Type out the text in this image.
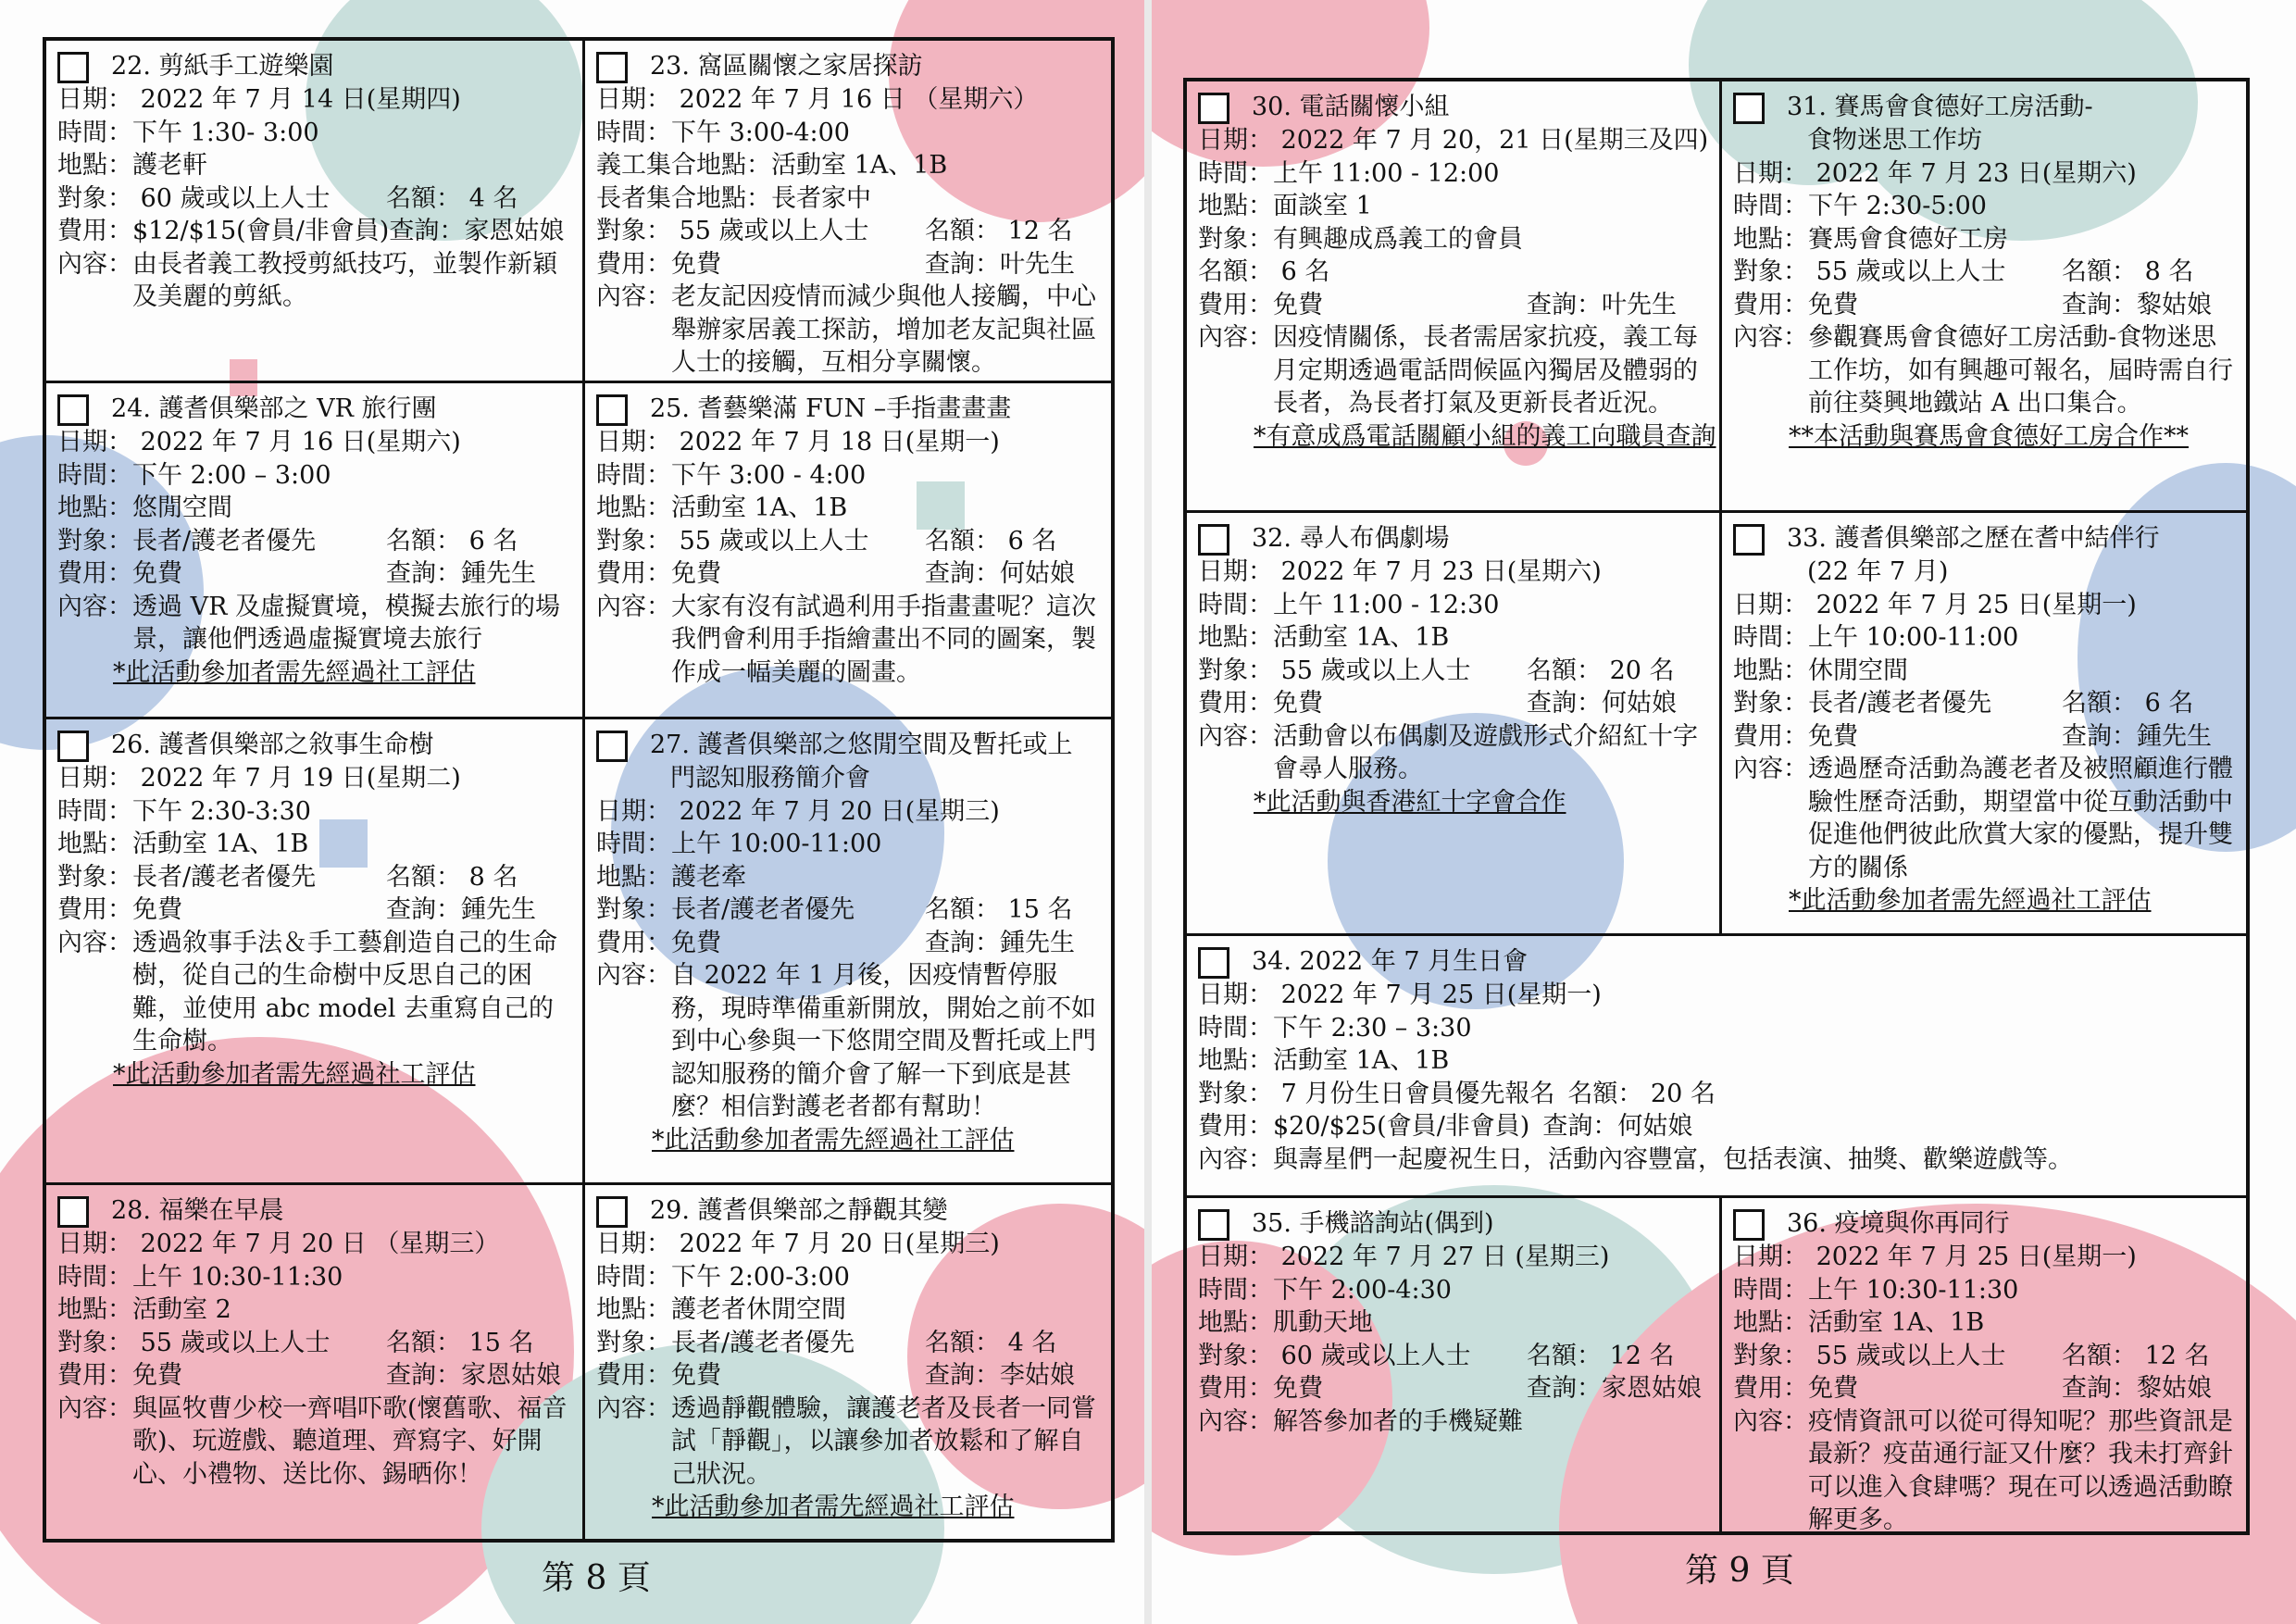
22. 剪紙手工遊樂園
日期： 2022 年 7 月 14 日(星期四)
時間：下午 1:30- 3:00
地點：護老軒
對象： 60 歲或以上人士	名額： 4 名
費用：$12/$15(會員/非會員) 查詢：家恩姑娘
內容： 由長者義工教授剪紙技巧，並製作新穎及美麗的剪紙。
23. 窩區關懷之家居探訪
日期： 2022 年 7 月 16 日 （星期六）
時間：下午 3:00-4:00
義工集合地點：活動室 1A、1B
長者集合地點：長者家中
對象： 55 歲或以上人士	名額： 12 名
費用：免費	查詢：叶先生
內容： 老友記因疫情而減少與他人接觸，中心舉辦家居義工探訪，增加老友記與社區人士的接觸，互相分享關懷。
24. 護耆俱樂部之 VR 旅行團
日期： 2022 年 7 月 16 日(星期六)
時間：下午 2:00 – 3:00
地點：悠閒空間
對象：長者/護老者優先	名額： 6 名
費用：免費	查詢：鍾先生
內容： 透過 VR 及虛擬實境，模擬去旅行的場景，讓他們透過虛擬實境去旅行
*此活動參加者需先經過社工評估
25. 耆藝樂滿 FUN –手指畫畫畫
日期： 2022 年 7 月 18 日(星期一)
時間：下午 3:00 - 4:00
地點：活動室 1A、1B
對象： 55 歲或以上人士	名額： 6 名
費用：免費	查詢：何姑娘
內容： 大家有沒有試過利用手指畫畫呢？這次我們會利用手指繪畫出不同的圖案，製作成一幅美麗的圖畫。
26. 護耆俱樂部之敘事生命樹
日期： 2022 年 7 月 19 日(星期二)
時間：下午 2:30-3:30
地點：活動室 1A、1B
對象：長者/護老者優先	名額： 8 名
費用：免費	查詢：鍾先生
內容： 透過敘事手法＆手工藝創造自己的生命樹，從自己的生命樹中反思自己的困難，並使用 abc model 去重寫自己的生命樹。
*此活動參加者需先經過社工評估
27. 護耆俱樂部之悠閒空間及暫托或上
門認知服務簡介會
日期： 2022 年 7 月 20 日(星期三)
時間：上午 10:00-11:00
地點：護老牽
對象：長者/護老者優先	名額： 15 名
費用：免費	查詢：鍾先生
內容： 自 2022 年 1 月後，因疫情暫停服務，現時準備重新開放，開始之前不如到中心參與一下悠閒空間及暫托或上門認知服務的簡介會了解一下到底是甚麼？相信對護老者都有幫助！
*此活動參加者需先經過社工評估
28. 福樂在早晨
日期： 2022 年 7 月 20 日 （星期三）
時間：上午 10:30-11:30
地點：活動室 2
對象： 55 歲或以上人士	名額： 15 名
費用：免費	查詢：家恩姑娘
內容： 與區牧曹少校一齊唱吓歌(懷舊歌、福音歌)、玩遊戲、聽道理、齊寫字、好開心、小禮物、送比你、錫晒你！
29. 護耆俱樂部之靜觀其變
日期： 2022 年 7 月 20 日(星期三)
時間：下午 2:00-3:00
地點：護老者休閒空間
對象：長者/護老者優先	名額： 4 名
費用：免費	查詢：李姑娘
內容： 透過靜觀體驗，讓護老者及長者一同嘗試「靜觀」，以讓參加者放鬆和了解自己狀況。
*此活動參加者需先經過社工評估
第 8 頁
30. 電話關懷小組
日期： 2022 年 7 月 20，21 日(星期三及四)
時間：上午 11:00 - 12:00
地點：面談室 1
對象：有興趣成爲義工的會員
名額： 6 名
費用：免費	查詢：叶先生
內容： 因疫情關係，長者需居家抗疫，義工每月定期透過電話問候區內獨居及體弱的長者，為長者打氣及更新長者近況。
*有意成爲電話關顧小組的義工向職員查詢
31. 賽馬會食德好工房活動-
食物迷思工作坊
日期： 2022 年 7 月 23 日(星期六)
時間：下午 2:30-5:00
地點：賽馬會食德好工房
對象： 55 歲或以上人士	名額： 8 名
費用：免費	查詢：黎姑娘
內容： 參觀賽馬會食德好工房活動-食物迷思工作坊，如有興趣可報名，屆時需自行前往葵興地鐵站 A 出口集合。
**本活動與賽馬會食德好工房合作**
32. 尋人布偶劇場
日期： 2022 年 7 月 23 日(星期六)
時間：上午 11:00 - 12:30
地點：活動室 1A、1B
對象： 55 歲或以上人士	名額： 20 名
費用：免費	查詢：何姑娘
內容： 活動會以布偶劇及遊戲形式介紹紅十字會尋人服務。
*此活動與香港紅十字會合作
33. 護耆俱樂部之歷在耆中結伴行
(22 年 7 月)
日期： 2022 年 7 月 25 日(星期一)
時間：上午 10:00-11:00
地點：休閒空間
對象：長者/護老者優先	名額： 6 名
費用：免費	查詢：鍾先生
內容： 透過歷奇活動為護老者及被照顧進行體驗性歷奇活動，期望當中從互動活動中促進他們彼此欣賞大家的優點，提升雙方的關係
*此活動參加者需先經過社工評估
34. 2022 年 7 月生日會
日期： 2022 年 7 月 25 日(星期一)
時間：下午 2:30 – 3:30
地點：活動室 1A、1B
對象： 7 月份生日會員優先報名 名額： 20 名
費用：$20/$25(會員/非會員) 查詢：何姑娘
內容： 與壽星們一起慶祝生日，活動內容豐富，包括表演、抽獎、歡樂遊戲等。
35. 手機諮詢站(偶到)
日期： 2022 年 7 月 27 日 (星期三)
時間：下午 2:00-4:30
地點：肌動天地
對象： 60 歲或以上人士	名額： 12 名
費用：免費	查詢：家恩姑娘
內容： 解答參加者的手機疑難
36. 疫境與你再同行
日期： 2022 年 7 月 25 日(星期一)
時間：上午 10:30-11:30
地點：活動室 1A、1B
對象： 55 歲或以上人士	名額： 12 名
費用：免費	查詢：黎姑娘
內容： 疫情資訊可以從可得知呢？那些資訊是最新？疫苗通行証又什麼？我未打齊針可以進入食肆嗎？現在可以透過活動瞭解更多。
第 9 頁
